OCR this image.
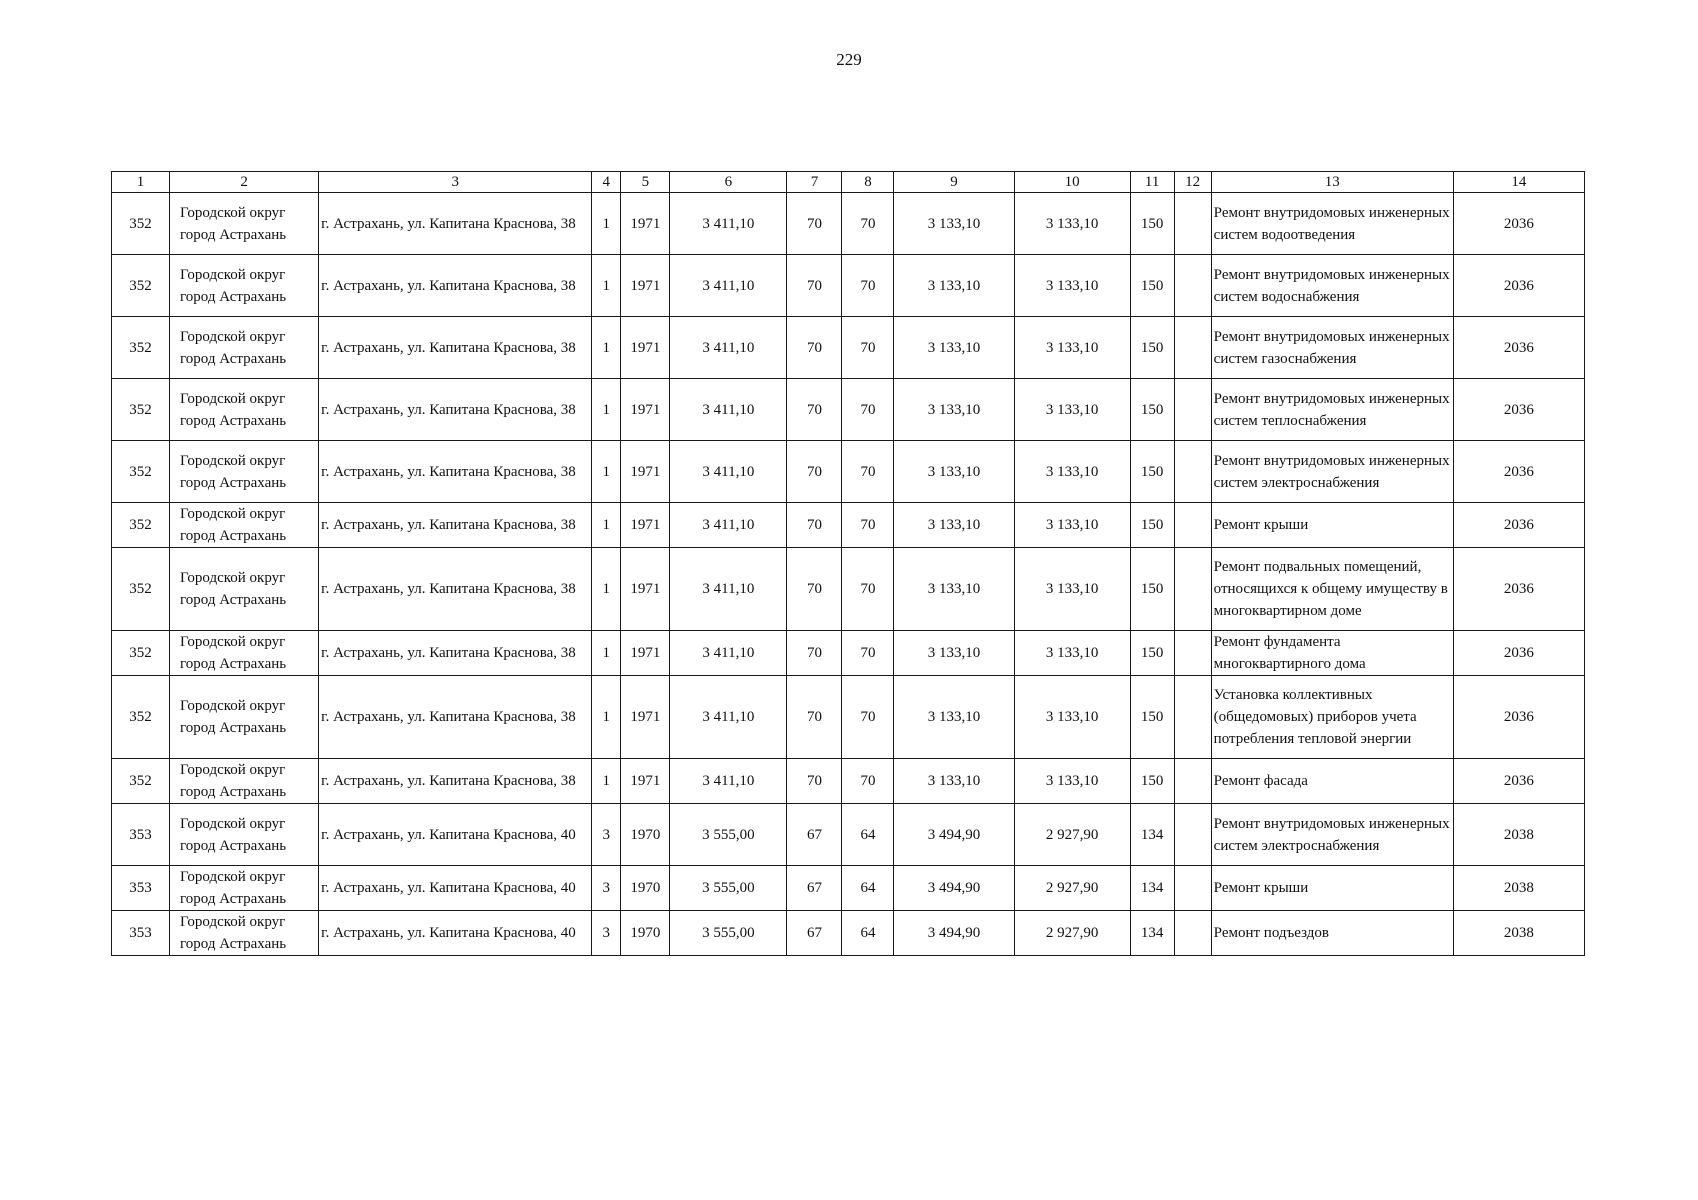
229
1	2	3	4	5	6	7	8	9	10	11	12	13	14
352	Городской округ город Астрахань	г. Астрахань, ул. Капитана Краснова, 38	1	1971	3 411,10	70	70	3 133,10	3 133,10	150		Ремонт внутридомовых инженерных систем водоотведения	2036
352	Городской округ город Астрахань	г. Астрахань, ул. Капитана Краснова, 38	1	1971	3 411,10	70	70	3 133,10	3 133,10	150		Ремонт внутридомовых инженерных систем водоснабжения	2036
352	Городской округ город Астрахань	г. Астрахань, ул. Капитана Краснова, 38	1	1971	3 411,10	70	70	3 133,10	3 133,10	150		Ремонт внутридомовых инженерных систем газоснабжения	2036
352	Городской округ город Астрахань	г. Астрахань, ул. Капитана Краснова, 38	1	1971	3 411,10	70	70	3 133,10	3 133,10	150		Ремонт внутридомовых инженерных систем теплоснабжения	2036
352	Городской округ город Астрахань	г. Астрахань, ул. Капитана Краснова, 38	1	1971	3 411,10	70	70	3 133,10	3 133,10	150		Ремонт внутридомовых инженерных систем электроснабжения	2036
352	Городской округ город Астрахань	г. Астрахань, ул. Капитана Краснова, 38	1	1971	3 411,10	70	70	3 133,10	3 133,10	150		Ремонт крыши	2036
352	Городской округ город Астрахань	г. Астрахань, ул. Капитана Краснова, 38	1	1971	3 411,10	70	70	3 133,10	3 133,10	150		Ремонт подвальных помещений, относящихся к общему имуществу в многоквартирном доме	2036
352	Городской округ город Астрахань	г. Астрахань, ул. Капитана Краснова, 38	1	1971	3 411,10	70	70	3 133,10	3 133,10	150		Ремонт фундамента многоквартирного дома	2036
352	Городской округ город Астрахань	г. Астрахань, ул. Капитана Краснова, 38	1	1971	3 411,10	70	70	3 133,10	3 133,10	150		Установка коллективных (общедомовых) приборов учета потребления тепловой энергии	2036
352	Городской округ город Астрахань	г. Астрахань, ул. Капитана Краснова, 38	1	1971	3 411,10	70	70	3 133,10	3 133,10	150		Ремонт фасада	2036
353	Городской округ город Астрахань	г. Астрахань, ул. Капитана Краснова, 40	3	1970	3 555,00	67	64	3 494,90	2 927,90	134		Ремонт внутридомовых инженерных систем электроснабжения	2038
353	Городской округ город Астрахань	г. Астрахань, ул. Капитана Краснова, 40	3	1970	3 555,00	67	64	3 494,90	2 927,90	134		Ремонт крыши	2038
353	Городской округ город Астрахань	г. Астрахань, ул. Капитана Краснова, 40	3	1970	3 555,00	67	64	3 494,90	2 927,90	134		Ремонт подъездов	2038
